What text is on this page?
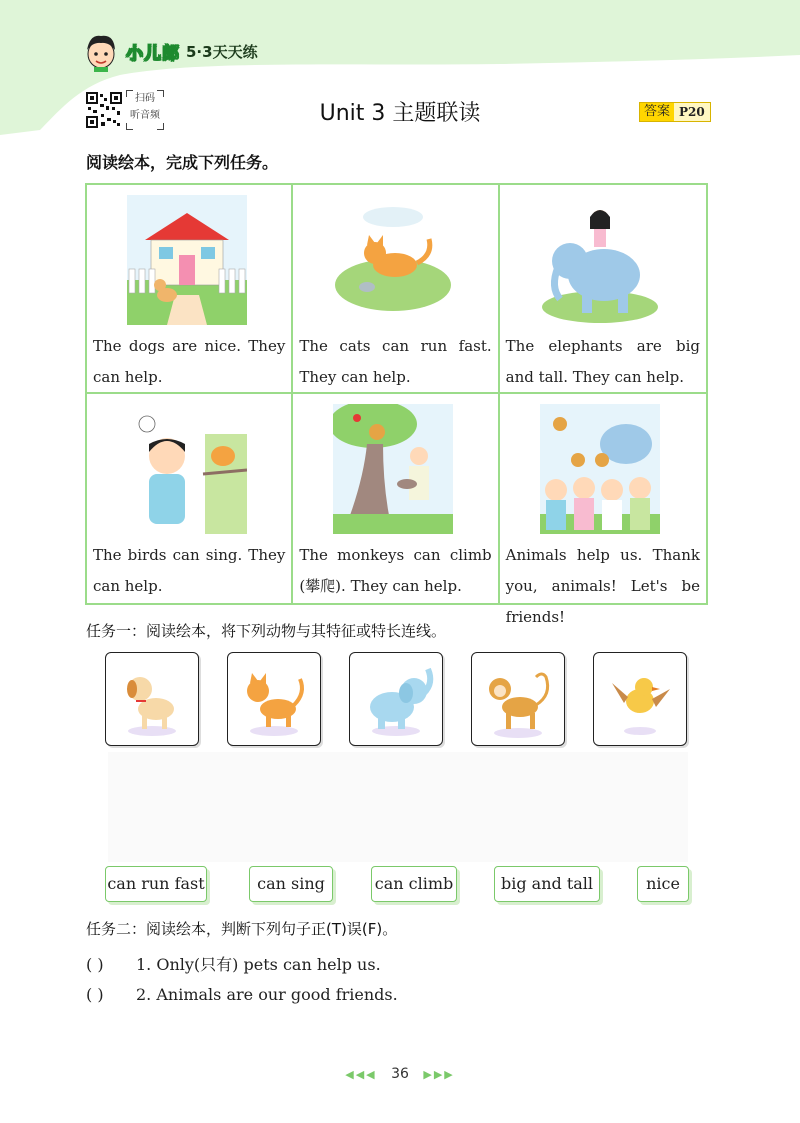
小儿郎 5·3天天练
扫码
听音频	Unit 3 主题联读	答案 P20
阅读绘本，完成下列任务。
The dogs are nice. They can help.
The cats can run fast. They can help.
The elephants are big and tall. They can help.
The birds can sing. They can help.
The monkeys can climb (攀爬). They can help.
Animals help us. Thank you, animals! Let's be friends!
任务一：阅读绘本，将下列动物与其特征或特长连线。
can run fast	can sing	can climb	big and tall	nice
任务二：阅读绘本，判断下列句子正(T)误(F)。
( ) 1. Only(只有) pets can help us.
( ) 2. Animals are our good friends.
◀◀◀ 36 ▶▶▶
